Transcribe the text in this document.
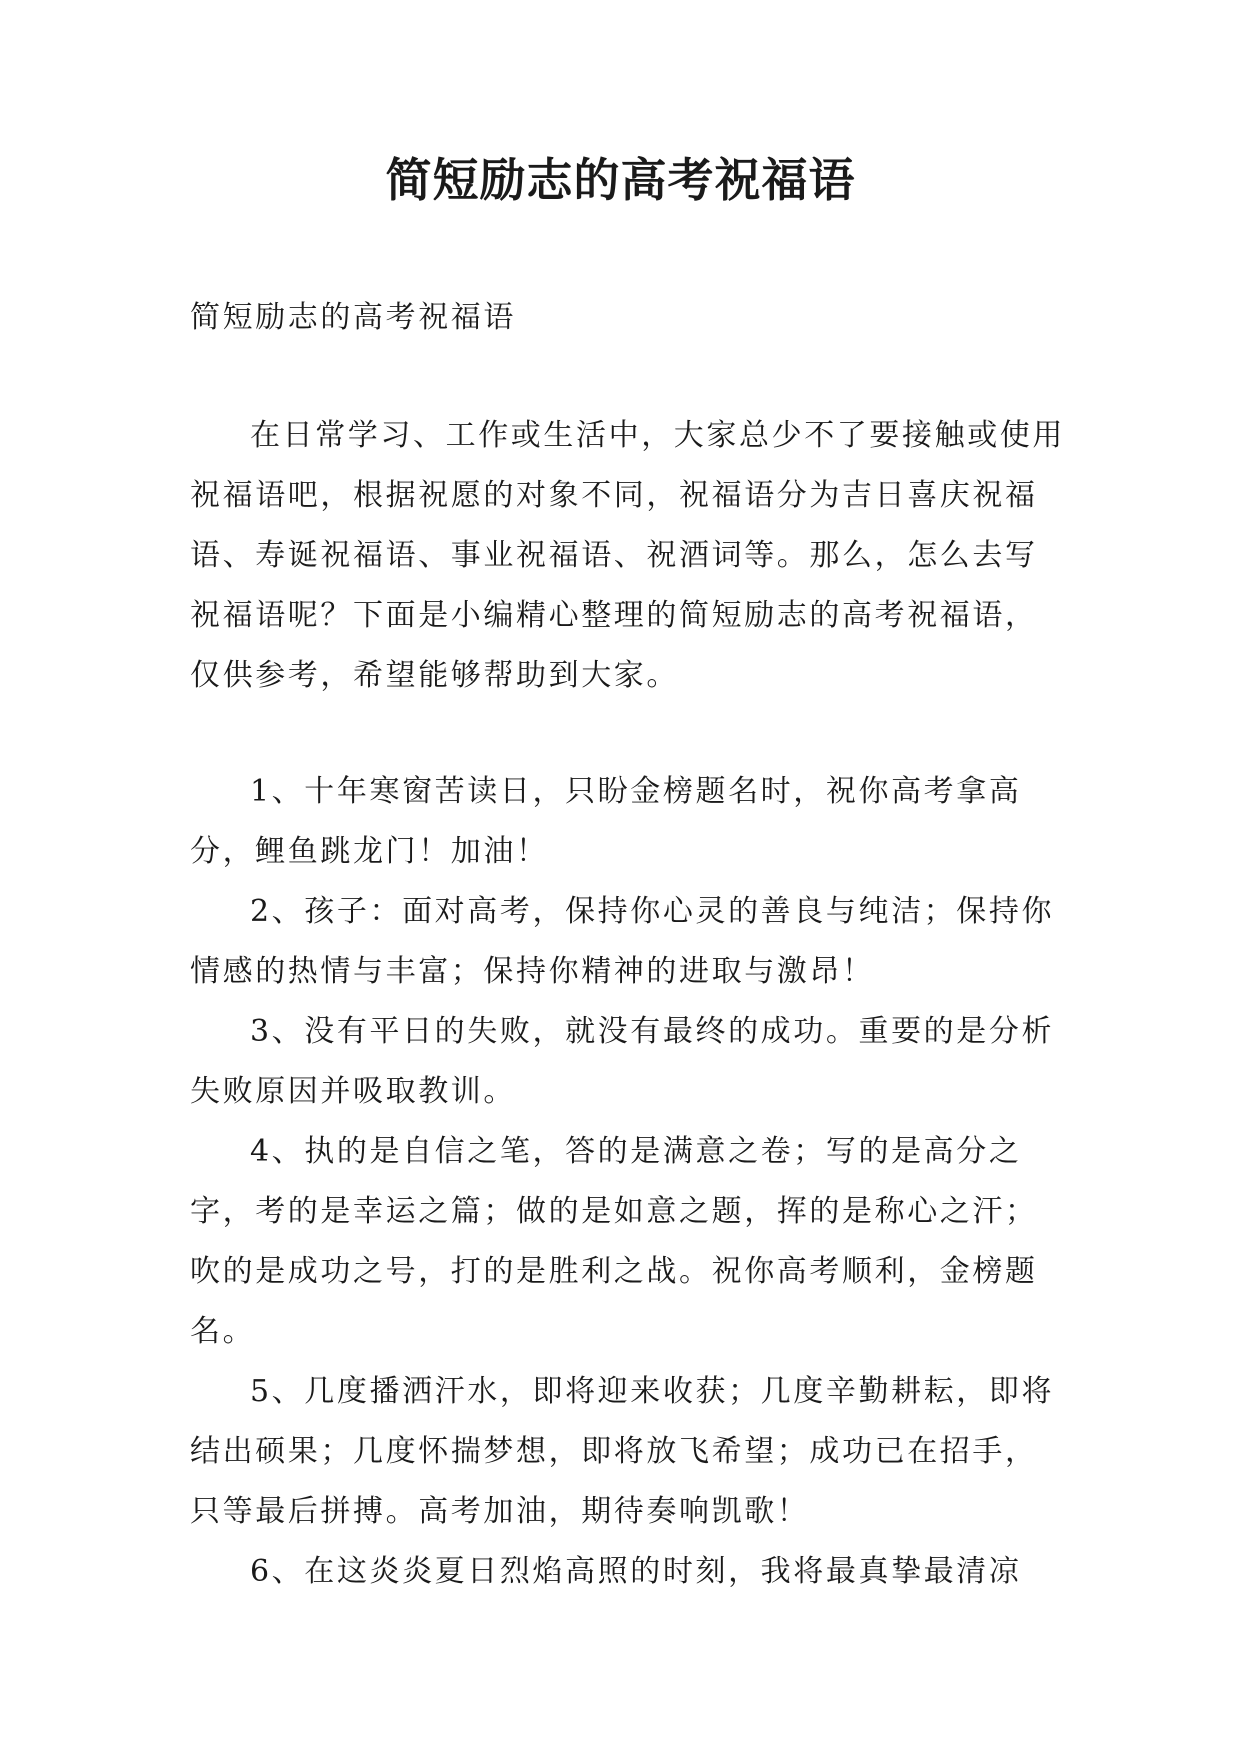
简短励志的高考祝福语

简短励志的高考祝福语

在日常学习、工作或生活中，大家总少不了要接触或使用祝福语吧，根据祝愿的对象不同，祝福语分为吉日喜庆祝福语、寿诞祝福语、事业祝福语、祝酒词等。那么，怎么去写祝福语呢？下面是小编精心整理的简短励志的高考祝福语，仅供参考，希望能够帮助到大家。

1、十年寒窗苦读日，只盼金榜题名时，祝你高考拿高分，鲤鱼跳龙门！加油！

2、孩子：面对高考，保持你心灵的善良与纯洁；保持你情感的热情与丰富；保持你精神的进取与激昂！

3、没有平日的失败，就没有最终的成功。重要的是分析失败原因并吸取教训。

4、执的是自信之笔，答的是满意之卷；写的是高分之字，考的是幸运之篇；做的是如意之题，挥的是称心之汗；吹的是成功之号，打的是胜利之战。祝你高考顺利，金榜题名。

5、几度播洒汗水，即将迎来收获；几度辛勤耕耘，即将结出硕果；几度怀揣梦想，即将放飞希望；成功已在招手，只等最后拼搏。高考加油，期待奏响凯歌！

6、在这炎炎夏日烈焰高照的时刻，我将最真挚最清凉
